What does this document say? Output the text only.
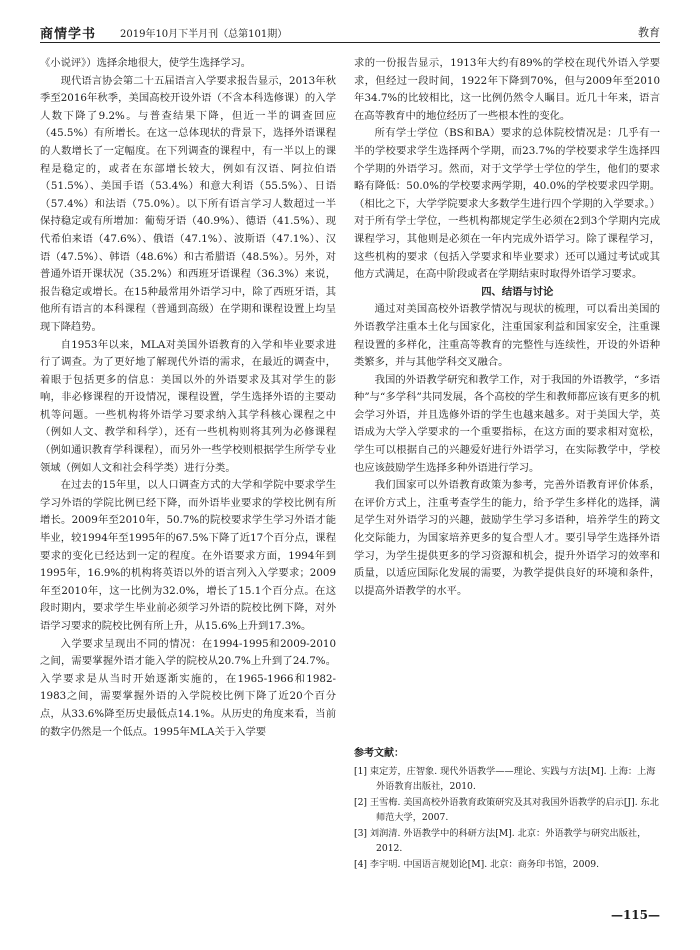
商情学书 2019年10月下半月刊（总第101期）	教育

《小说评》）选择余地很大，使学生选择学习。

现代语言协会第二十五届语言入学要求报告显示，2013年秋季至2016年秋季，美国高校开设外语（不含本科选修课）的入学人数下降了9.2%。与普查结果下降，但近一半的调查回应（45.5%）有所增长。在这一总体现状的背景下，选择外语课程的人数增长了一定幅度。在下列调查的课程中，有一半以上的课程是稳定的，或者在东部增长较大，例如有汉语、阿拉伯语（51.5%）、美国手语（53.4%）和意大利语（55.5%）、日语（57.4%）和法语（75.0%）。以下所有语言学习人数超过一半保持稳定或有所增加：葡萄牙语（40.9%）、德语（41.5%）、现代希伯来语（47.6%）、俄语（47.1%）、波斯语（47.1%）、汉语（47.5%）、韩语（48.6%）和古希腊语（48.5%）。另外，对普通外语开课状况（35.2%）和西班牙语课程（36.3%）来说，报告稳定或增长。在15种最常用外语学习中，除了西班牙语，其他所有语言的本科课程（普通到高级）在学期和课程设置上均呈现下降趋势。

自1953年以来，MLA对美国外语教育的入学和毕业要求进行了调查。为了更好地了解现代外语的需求，在最近的调查中，着眼于包括更多的信息：美国以外的外语要求及其对学生的影响，非必修课程的开设情况，课程设置，学生选择外语的主要动机等问题。一些机构将外语学习要求纳入其学科核心课程之中（例如人文、教学和科学），还有一些机构则将其列为必修课程（例如通识教育学科课程），而另外一些学校则根据学生所学专业领域（例如人文和社会科学类）进行分类。

在过去的15年里，以人口调查方式的大学和学院中要求学生学习外语的学院比例已经下降，而外语毕业要求的学校比例有所增长。2009年至2010年，50.7%的院校要求学生学习外语才能毕业，较1994年至1995年的67.5%下降了近17个百分点，课程要求的变化已经达到一定的程度。在外语要求方面，1994年到1995年，16.9%的机构将英语以外的语言列入入学要求；2009年至2010年，这一比例为32.0%，增长了15.1个百分点。在这段时期内，要求学生毕业前必须学习外语的院校比例下降，对外语学习要求的院校比例有所上升，从15.6%上升到17.3%。

入学要求呈现出不同的情况：在1994-1995和2009-2010之间，需要掌握外语才能入学的院校从20.7%上升到了24.7%。入学要求是从当时开始逐渐实施的，在1965-1966和1982-1983之间，需要掌握外语的入学院校比例下降了近20个百分点，从33.6%降至历史最低点14.1%。从历史的角度来看，当前的数字仍然是一个低点。1995年MLA关于入学要

求的一份报告显示，1913年大约有89%的学校在现代外语入学要求，但经过一段时间，1922年下降到70%，但与2009年至2010年34.7%的比较相比，这一比例仍然令人瞩目。近几十年来，语言在高等教育中的地位经历了一些根本性的变化。

所有学士学位（BS和BA）要求的总体院校情况是：几乎有一半的学校要求学生选择两个学期，而23.7%的学校要求学生选择四个学期的外语学习。然而，对于文学学士学位的学生，他们的要求略有降低：50.0%的学校要求两学期，40.0%的学校要求四学期。（相比之下，大学学院要求大多数学生进行四个学期的入学要求。）对于所有学士学位，一些机构都规定学生必须在2到3个学期内完成课程学习，其他则是必须在一年内完成外语学习。除了课程学习，这些机构的要求（包括入学要求和毕业要求）还可以通过考试或其他方式满足，在高中阶段或者在学期结束时取得外语学习要求。

四、结语与讨论

通过对美国高校外语教学情况与现状的梳理，可以看出美国的外语教学注重本土化与国家化，注重国家利益和国家安全，注重课程设置的多样化，注重高等教育的完整性与连续性，开设的外语种类繁多，并与其他学科交叉融合。

我国的外语教学研究和教学工作，对于我国的外语教学，“多语种”与“多学科”共同发展，各个高校的学生和教师都应该有更多的机会学习外语，并且选修外语的学生也越来越多。对于美国大学，英语成为大学入学要求的一个重要指标，在这方面的要求相对宽松，学生可以根据自己的兴趣爱好进行外语学习，在实际教学中，学校也应该鼓励学生选择多种外语进行学习。

我们国家可以外语教育政策为参考，完善外语教育评价体系，在评价方式上，注重考查学生的能力，给予学生多样化的选择，满足学生对外语学习的兴趣，鼓励学生学习多语种，培养学生的跨文化交际能力，为国家培养更多的复合型人才。要引导学生选择外语学习，为学生提供更多的学习资源和机会，提升外语学习的效率和质量，以适应国际化发展的需要，为教学提供良好的环境和条件，以提高外语教学的水平。

参考文献：
[1] 束定芳，庄智象. 现代外语教学——理论、实践与方法[M]. 上海：上海外语教育出版社，2010.
[2] 王雪梅. 美国高校外语教育政策研究及其对我国外语教学的启示[J]. 东北师范大学，2007.
[3] 刘润清. 外语教学中的科研方法[M]. 北京：外语教学与研究出版社，2012.
[4] 李宇明. 中国语言规划论[M]. 北京：商务印书馆，2009.
—115—
